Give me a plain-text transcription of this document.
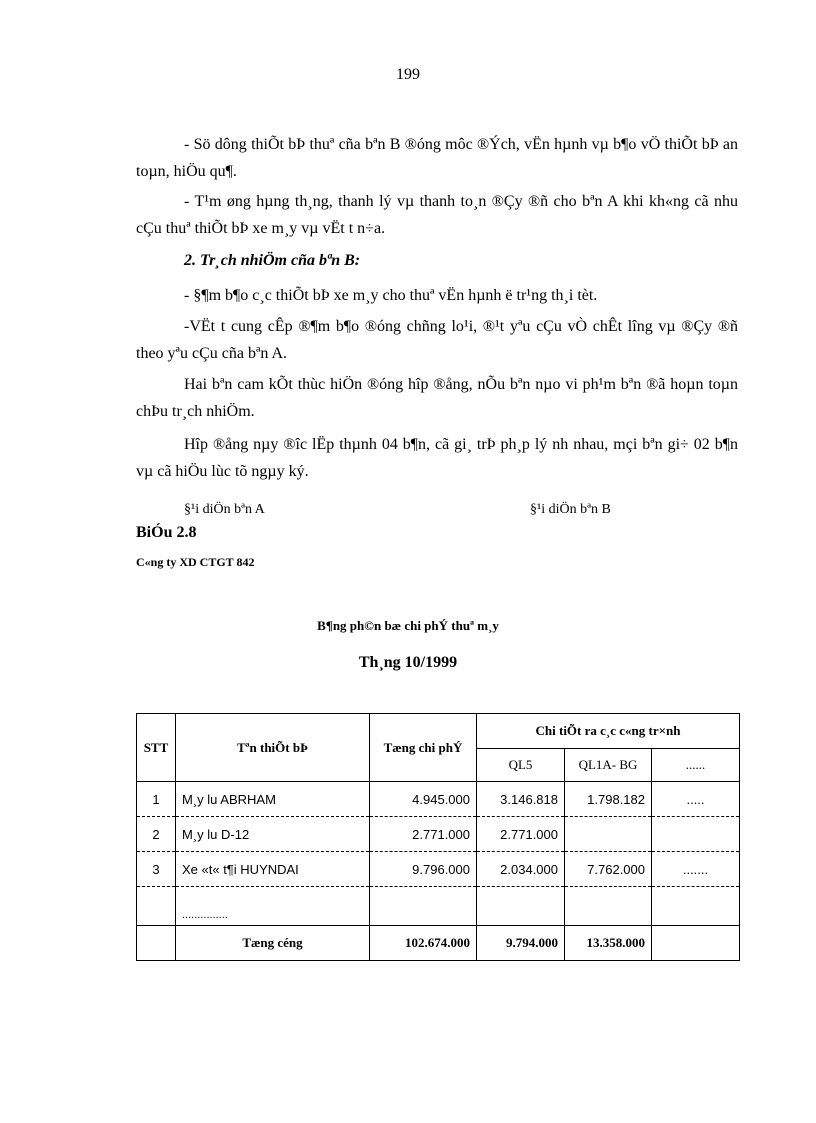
199

- Sö dông thiÕt bÞ thuª cña bªn B ®óng môc ®Ých, vËn hµnh vµ b¶o vÖ thiÕt bÞ an toµn, hiÖu qu¶.

- T¹m øng hµng th¸ng, thanh lý vµ thanh to¸n ®Çy ®ñ cho bªn A khi kh«ng cã nhu cÇu thuª thiÕt bÞ xe m¸y vµ vËt t n÷a.

2. Tr¸ch nhiÖm cña bªn B:

- §¶m b¶o c¸c thiÕt bÞ xe m¸y cho thuª vËn hµnh ë tr¹ng th¸i tèt.

-VËt t cung cÊp ®¶m b¶o ®óng chñng lo¹i, ®¹t yªu cÇu vÒ chÊt lîng vµ ®Çy ®ñ theo yªu cÇu cña bªn A.

Hai bªn cam kÕt thùc hiÖn ®óng hîp ®ång, nÕu bªn nµo vi ph¹m bªn ®ã hoµn toµn chÞu tr¸ch nhiÖm.

Hîp ®ång nµy ®îc lËp thµnh 04 b¶n, cã gi¸ trÞ ph¸p lý nh nhau, mçi bªn gi÷ 02 b¶n vµ cã hiÖu lùc tõ ngµy ký.

§¹i diÖn bªn A	§¹i diÖn bªn B
BiÓu 2.8
C«ng ty XD CTGT 842
B¶ng ph©n bæ chi phÝ thuª m¸y
Th¸ng 10/1999
STT	Tªn thiÕt bÞ	Tæng chi phÝ	Chi tiÕt ra c¸c c«ng tr×nh		
			QL5	QL1A- BG	......
1	M¸y lu ABRHAM	4.945.000	3.146.818	1.798.182	.....
2	M¸y lu D-12	2.771.000	2.771.000		
3	Xe «t« t¶i HUYNDAI	9.796.000	2.034.000	7.762.000	.......
	...............				
	Tæng céng	102.674.000	9.794.000	13.358.000	
